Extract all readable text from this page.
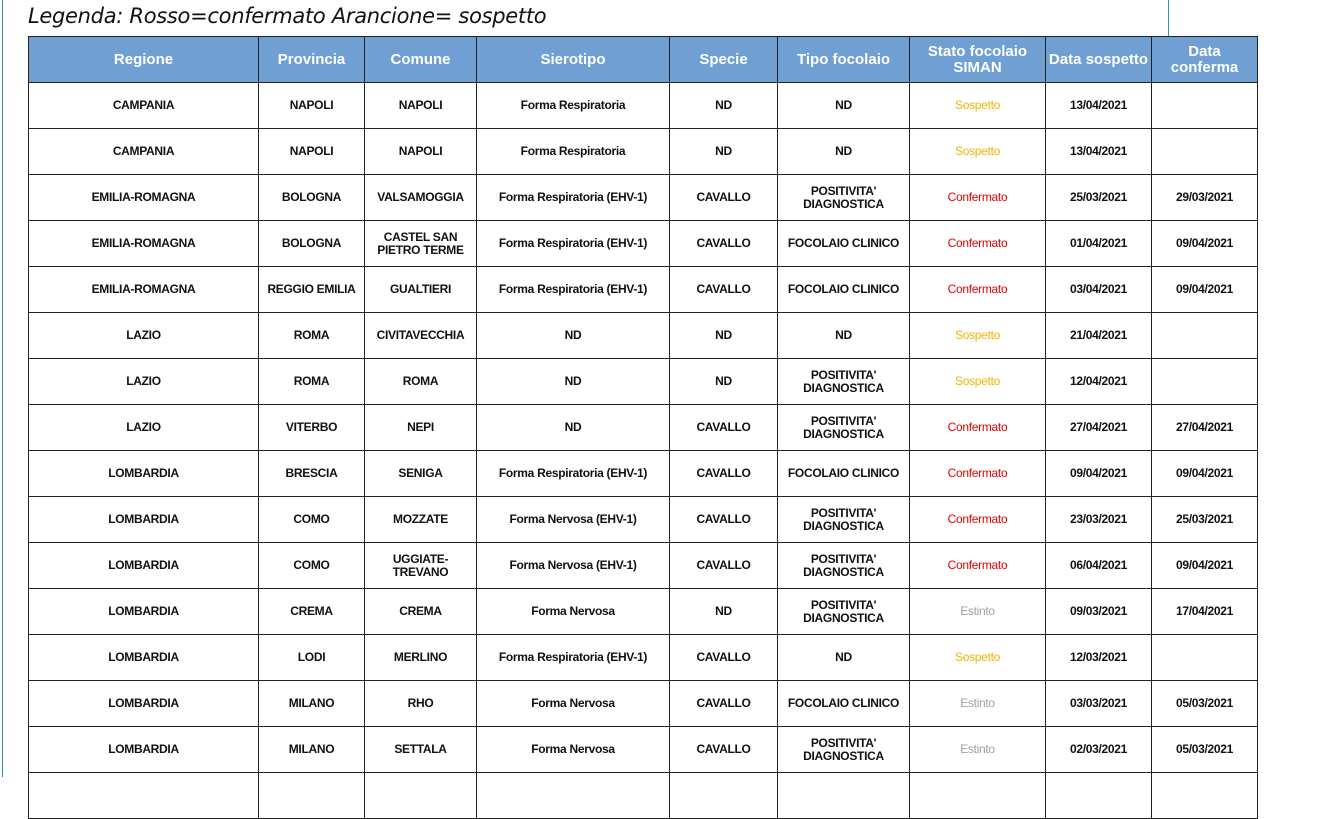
Legenda: Rosso=confermato Arancione= sospetto
Regione	Provincia	Comune	Sierotipo	Specie	Tipo focolaio	Stato focolaio SIMAN	Data sospetto	Data conferma
CAMPANIA	NAPOLI	NAPOLI	Forma Respiratoria	ND	ND	Sospetto	13/04/2021	
CAMPANIA	NAPOLI	NAPOLI	Forma Respiratoria	ND	ND	Sospetto	13/04/2021	
EMILIA-ROMAGNA	BOLOGNA	VALSAMOGGIA	Forma Respiratoria (EHV-1)	CAVALLO	POSITIVITA' DIAGNOSTICA	Confermato	25/03/2021	29/03/2021
EMILIA-ROMAGNA	BOLOGNA	CASTEL SAN PIETRO TERME	Forma Respiratoria (EHV-1)	CAVALLO	FOCOLAIO CLINICO	Confermato	01/04/2021	09/04/2021
EMILIA-ROMAGNA	REGGIO EMILIA	GUALTIERI	Forma Respiratoria (EHV-1)	CAVALLO	FOCOLAIO CLINICO	Confermato	03/04/2021	09/04/2021
LAZIO	ROMA	CIVITAVECCHIA	ND	ND	ND	Sospetto	21/04/2021	
LAZIO	ROMA	ROMA	ND	ND	POSITIVITA' DIAGNOSTICA	Sospetto	12/04/2021	
LAZIO	VITERBO	NEPI	ND	CAVALLO	POSITIVITA' DIAGNOSTICA	Confermato	27/04/2021	27/04/2021
LOMBARDIA	BRESCIA	SENIGA	Forma Respiratoria (EHV-1)	CAVALLO	FOCOLAIO CLINICO	Confermato	09/04/2021	09/04/2021
LOMBARDIA	COMO	MOZZATE	Forma Nervosa (EHV-1)	CAVALLO	POSITIVITA' DIAGNOSTICA	Confermato	23/03/2021	25/03/2021
LOMBARDIA	COMO	UGGIATE-TREVANO	Forma Nervosa (EHV-1)	CAVALLO	POSITIVITA' DIAGNOSTICA	Confermato	06/04/2021	09/04/2021
LOMBARDIA	CREMA	CREMA	Forma Nervosa	ND	POSITIVITA' DIAGNOSTICA	Estinto	09/03/2021	17/04/2021
LOMBARDIA	LODI	MERLINO	Forma Respiratoria (EHV-1)	CAVALLO	ND	Sospetto	12/03/2021	
LOMBARDIA	MILANO	RHO	Forma Nervosa	CAVALLO	FOCOLAIO CLINICO	Estinto	03/03/2021	05/03/2021
LOMBARDIA	MILANO	SETTALA	Forma Nervosa	CAVALLO	POSITIVITA' DIAGNOSTICA	Estinto	02/03/2021	05/03/2021
